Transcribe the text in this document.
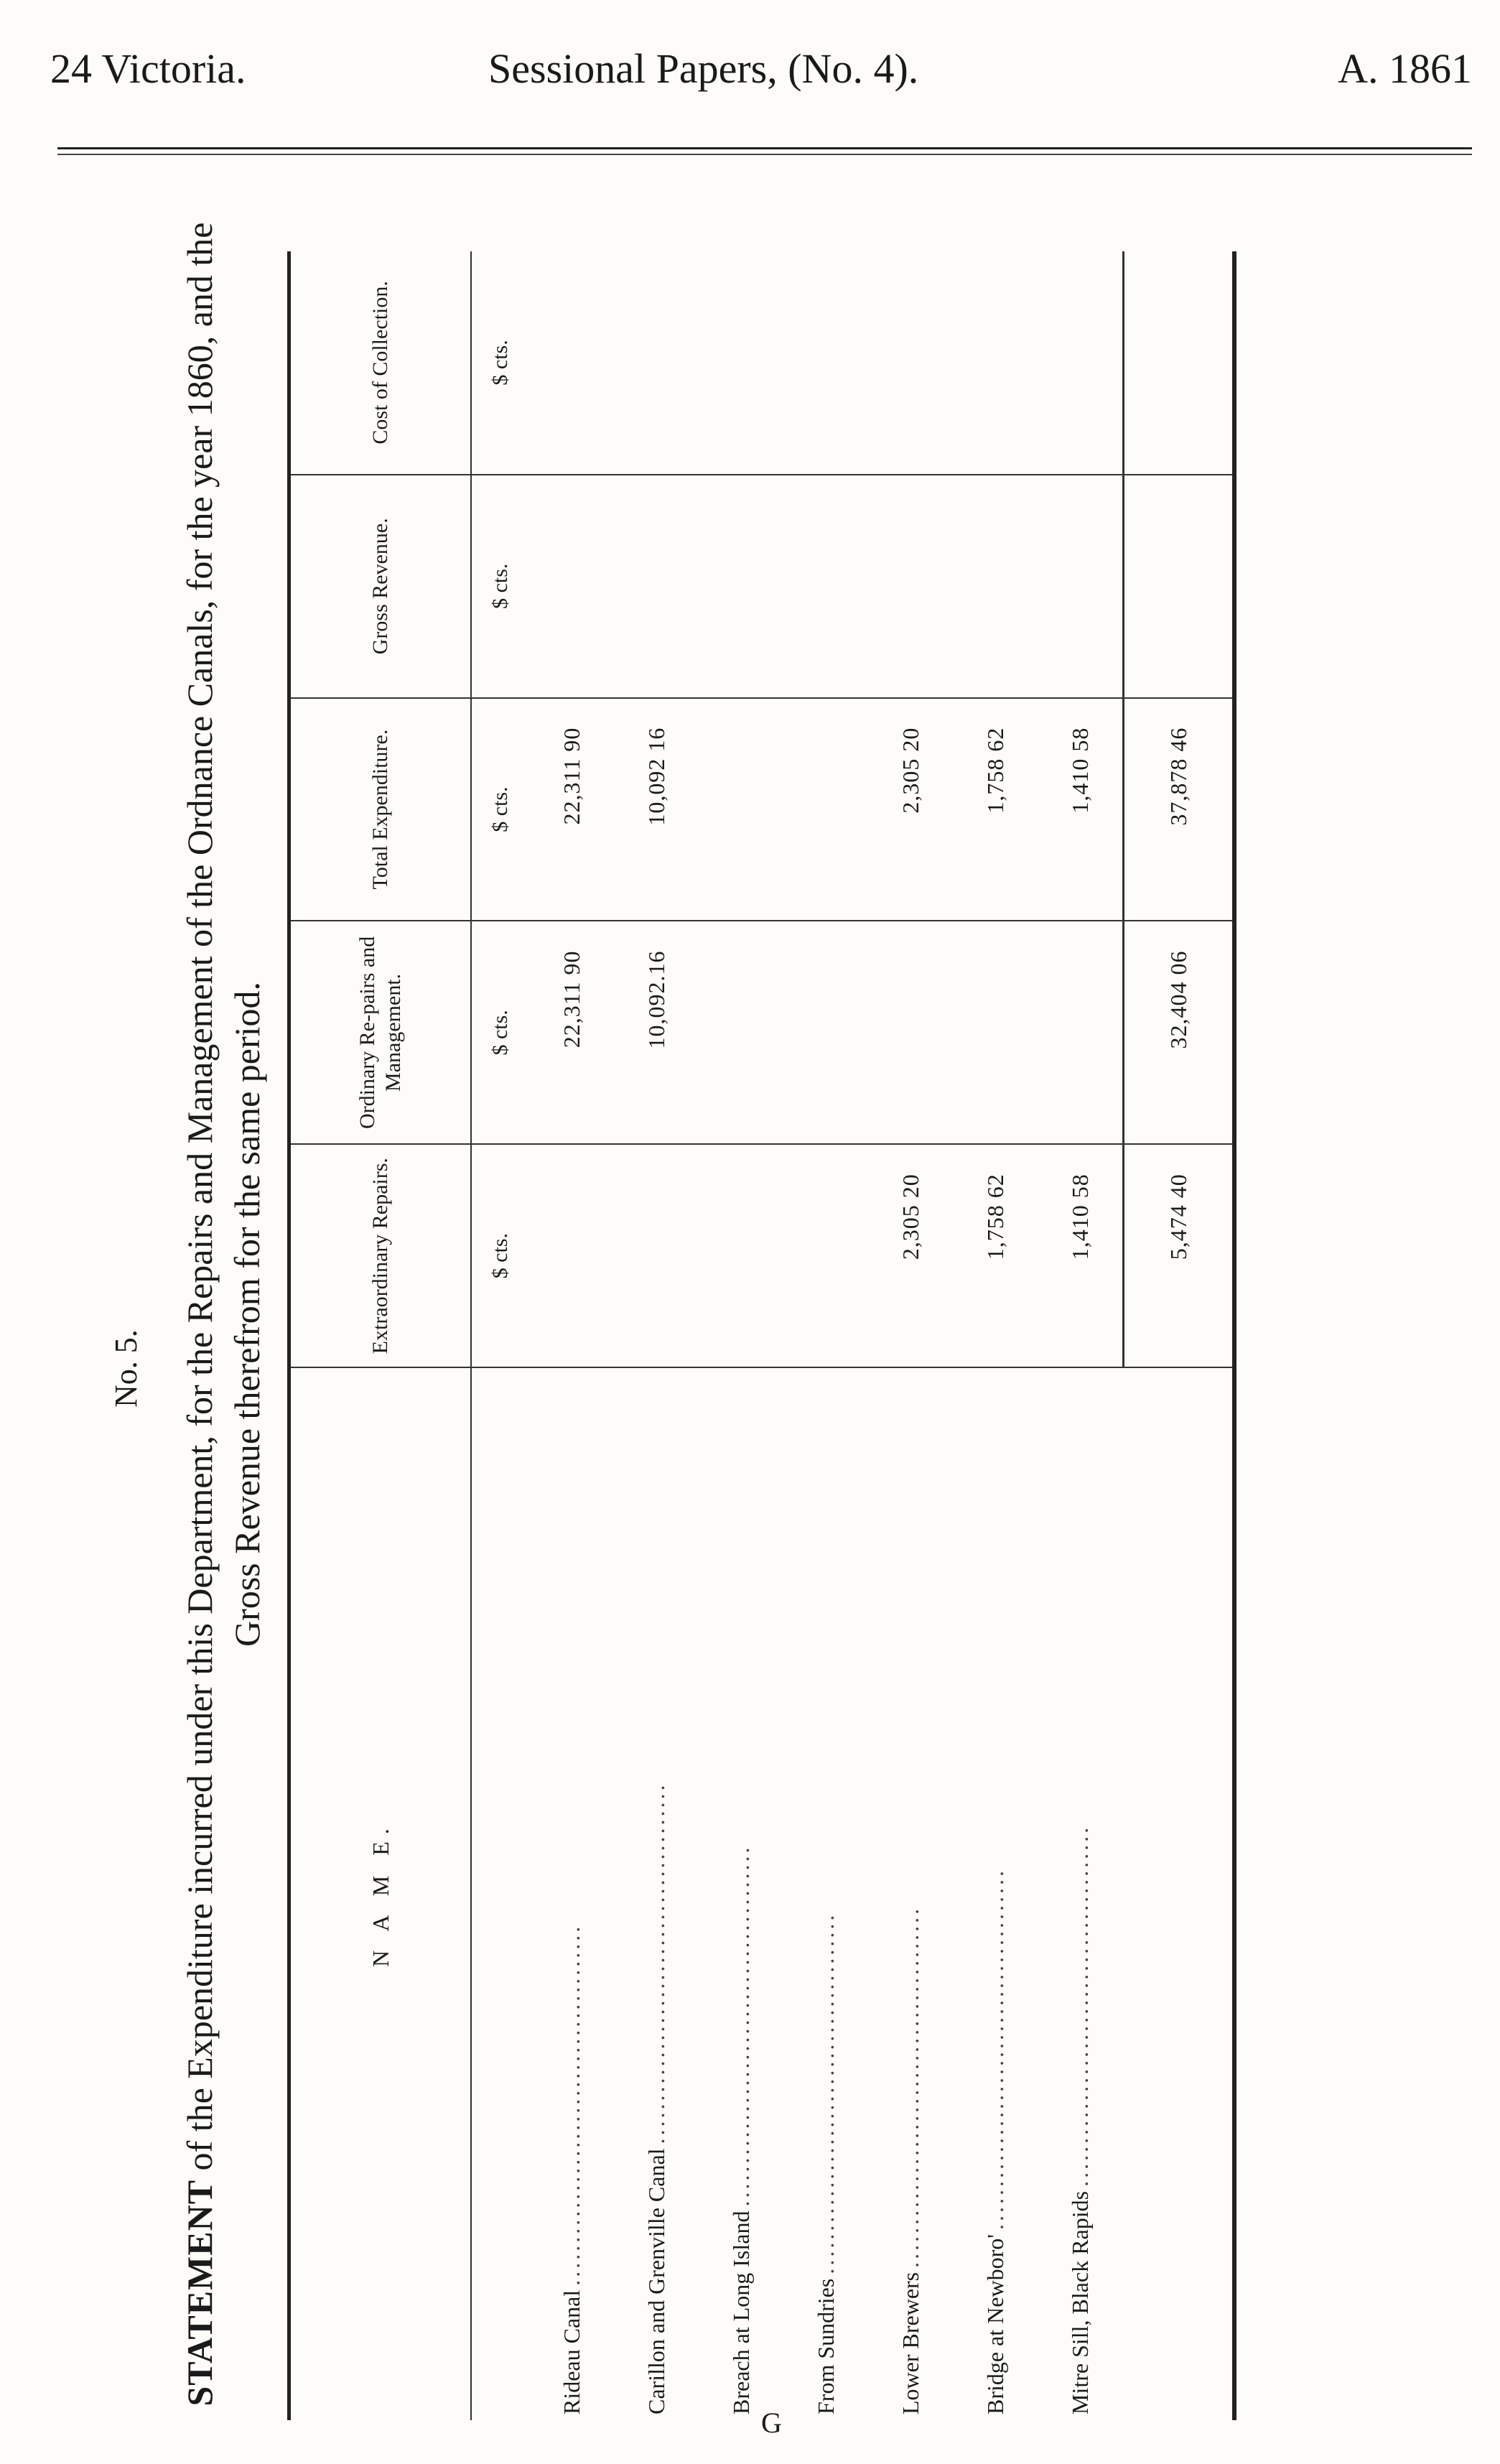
24 Victoria.	Sessional Papers, (No. 4).	A. 1861
No. 5.
STATEMENT of the Expenditure incurred under this Department, for the Repairs and Management of the Ordnance Canals, for the year 1860, and the Gross Revenue therefrom for the same period.
N A M E.	Extraordinary Repairs.	Ordinary Re-pairs and Management.	Total Expenditure.	Gross Revenue.	Cost of Collection.
	$ cts.	$ cts.	$ cts.	$ cts.	$ cts.
Rideau Canal..........................................		22,311 90	22,311 90		
Carillon and Grenville Canal..........................................		10,092.16	10,092 16		
Breach at Long Island..........................................					
From Sundries..........................................					
Lower Brewers..........................................	2,305 20		2,305 20		
Bridge at Newboro'..........................................	1,758 62		1,758 62		
Mitre Sill, Black Rapids..........................................	1,410 58		1,410 58		
	5,474 40	32,404 06	37,878 46		

G
